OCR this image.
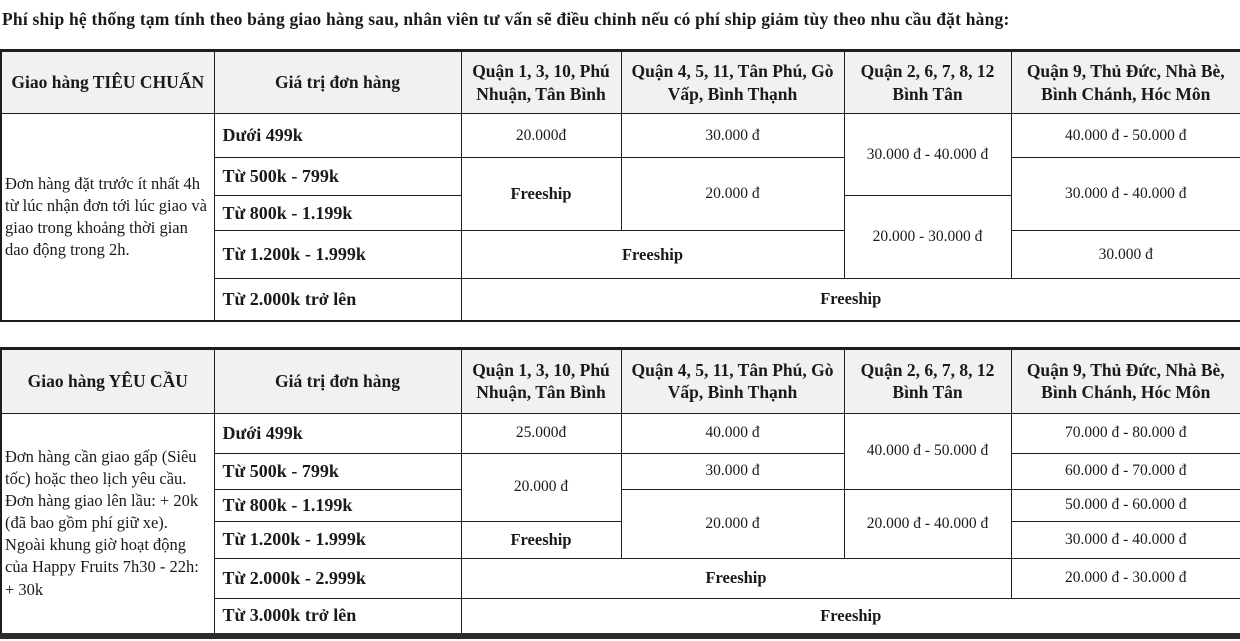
Phí ship hệ thống tạm tính theo bảng giao hàng sau, nhân viên tư vấn sẽ điều chỉnh nếu có phí ship giảm tùy theo nhu cầu đặt hàng:

Giao hàng TIÊU CHUẨN	Giá trị đơn hàng	Quận 1, 3, 10, Phú Nhuận, Tân Bình	Quận 4, 5, 11, Tân Phú, Gò Vấp, Bình Thạnh	Quận 2, 6, 7, 8, 12 Bình Tân	Quận 9, Thủ Đức, Nhà Bè, Bình Chánh, Hóc Môn

Đơn hàng đặt trước ít nhất 4h từ lúc nhận đơn tới lúc giao và giao trong khoảng thời gian dao động trong 2h.	Dưới 499k	20.000đ	30.000 đ	30.000 đ - 40.000 đ	40.000 đ - 50.000 đ
	Từ 500k - 799k	Freeship	20.000 đ		30.000 đ - 40.000 đ
	Từ 800k - 1.199k			20.000 - 30.000 đ	
	Từ 1.200k - 1.999k	Freeship			30.000 đ
	Từ 2.000k trở lên	Freeship			
Giao hàng YÊU CẦU	Giá trị đơn hàng	Quận 1, 3, 10, Phú Nhuận, Tân Bình	Quận 4, 5, 11, Tân Phú, Gò Vấp, Bình Thạnh	Quận 2, 6, 7, 8, 12 Bình Tân	Quận 9, Thủ Đức, Nhà Bè, Bình Chánh, Hóc Môn

Đơn hàng cần giao gấp (Siêu tốc) hoặc theo lịch yêu cầu.
Đơn hàng giao lên lầu: + 20k (đã bao gồm phí giữ xe). Ngoài khung giờ hoạt động của Happy Fruits 7h30 - 22h: + 30k	Dưới 499k	25.000đ	40.000 đ	40.000 đ - 50.000 đ	70.000 đ - 80.000 đ
	Từ 500k - 799k	20.000 đ	30.000 đ		60.000 đ - 70.000 đ
	Từ 800k - 1.199k		20.000 đ	20.000 đ - 40.000 đ	50.000 đ - 60.000 đ
	Từ 1.200k - 1.999k	Freeship			30.000 đ - 40.000 đ
	Từ 2.000k - 2.999k	Freeship			20.000 đ - 30.000 đ
	Từ 3.000k trở lên	Freeship			
